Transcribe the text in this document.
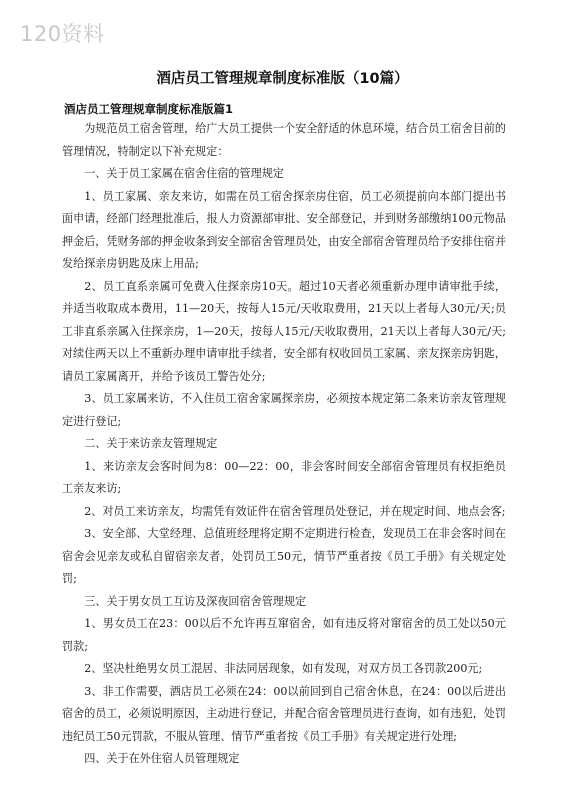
120资料
酒店员工管理规章制度标准版（10篇）
酒店员工管理规章制度标准版篇1

为规范员工宿舍管理，给广大员工提供一个安全舒适的休息环境，结合员工宿舍目前的管理情况，特制定以下补充规定：

一、关于员工家属在宿舍住宿的管理规定

1、员工家属、亲友来访，如需在员工宿舍探亲房住宿，员工必须提前向本部门提出书面申请，经部门经理批准后，报人力资源部审批、安全部登记，并到财务部缴纳100元物品押金后，凭财务部的押金收条到安全部宿舍管理员处，由安全部宿舍管理员给予安排住宿并发给探亲房钥匙及床上用品;

2、员工直系亲属可免费入住探亲房10天。超过10天者必须重新办理申请审批手续，并适当收取成本费用，11—20天，按每人15元/天收取费用，21天以上者每人30元/天;员工非直系亲属入住探亲房，1—20天，按每人15元/天收取费用，21天以上者每人30元/天;对续住两天以上不重新办理申请审批手续者，安全部有权收回员工家属、亲友探亲房钥匙，请员工家属离开，并给予该员工警告处分;

3、员工家属来访，不入住员工宿舍家属探亲房，必须按本规定第二条来访亲友管理规定进行登记;

二、关于来访亲友管理规定

1、来访亲友会客时间为8：00—22：00，非会客时间安全部宿舍管理员有权拒绝员工亲友来访;

2、对员工来访亲友，均需凭有效证件在宿舍管理员处登记，并在规定时间、地点会客;

3、安全部、大堂经理、总值班经理将定期不定期进行检查，发现员工在非会客时间在宿舍会见亲友或私自留宿亲友者，处罚员工50元，情节严重者按《员工手册》有关规定处罚;

三、关于男女员工互访及深夜回宿舍管理规定

1、男女员工在23：00以后不允许再互窜宿舍，如有违反将对窜宿舍的员工处以50元罚款;

2、坚决杜绝男女员工混居、非法同居现象，如有发现，对双方员工各罚款200元;

3、非工作需要，酒店员工必须在24：00以前回到自己宿舍休息，在24：00以后进出宿舍的员工，必须说明原因，主动进行登记，并配合宿舍管理员进行查询，如有违犯，处罚违纪员工50元罚款，不服从管理、情节严重者按《员工手册》有关规定进行处理;

四、关于在外住宿人员管理规定
